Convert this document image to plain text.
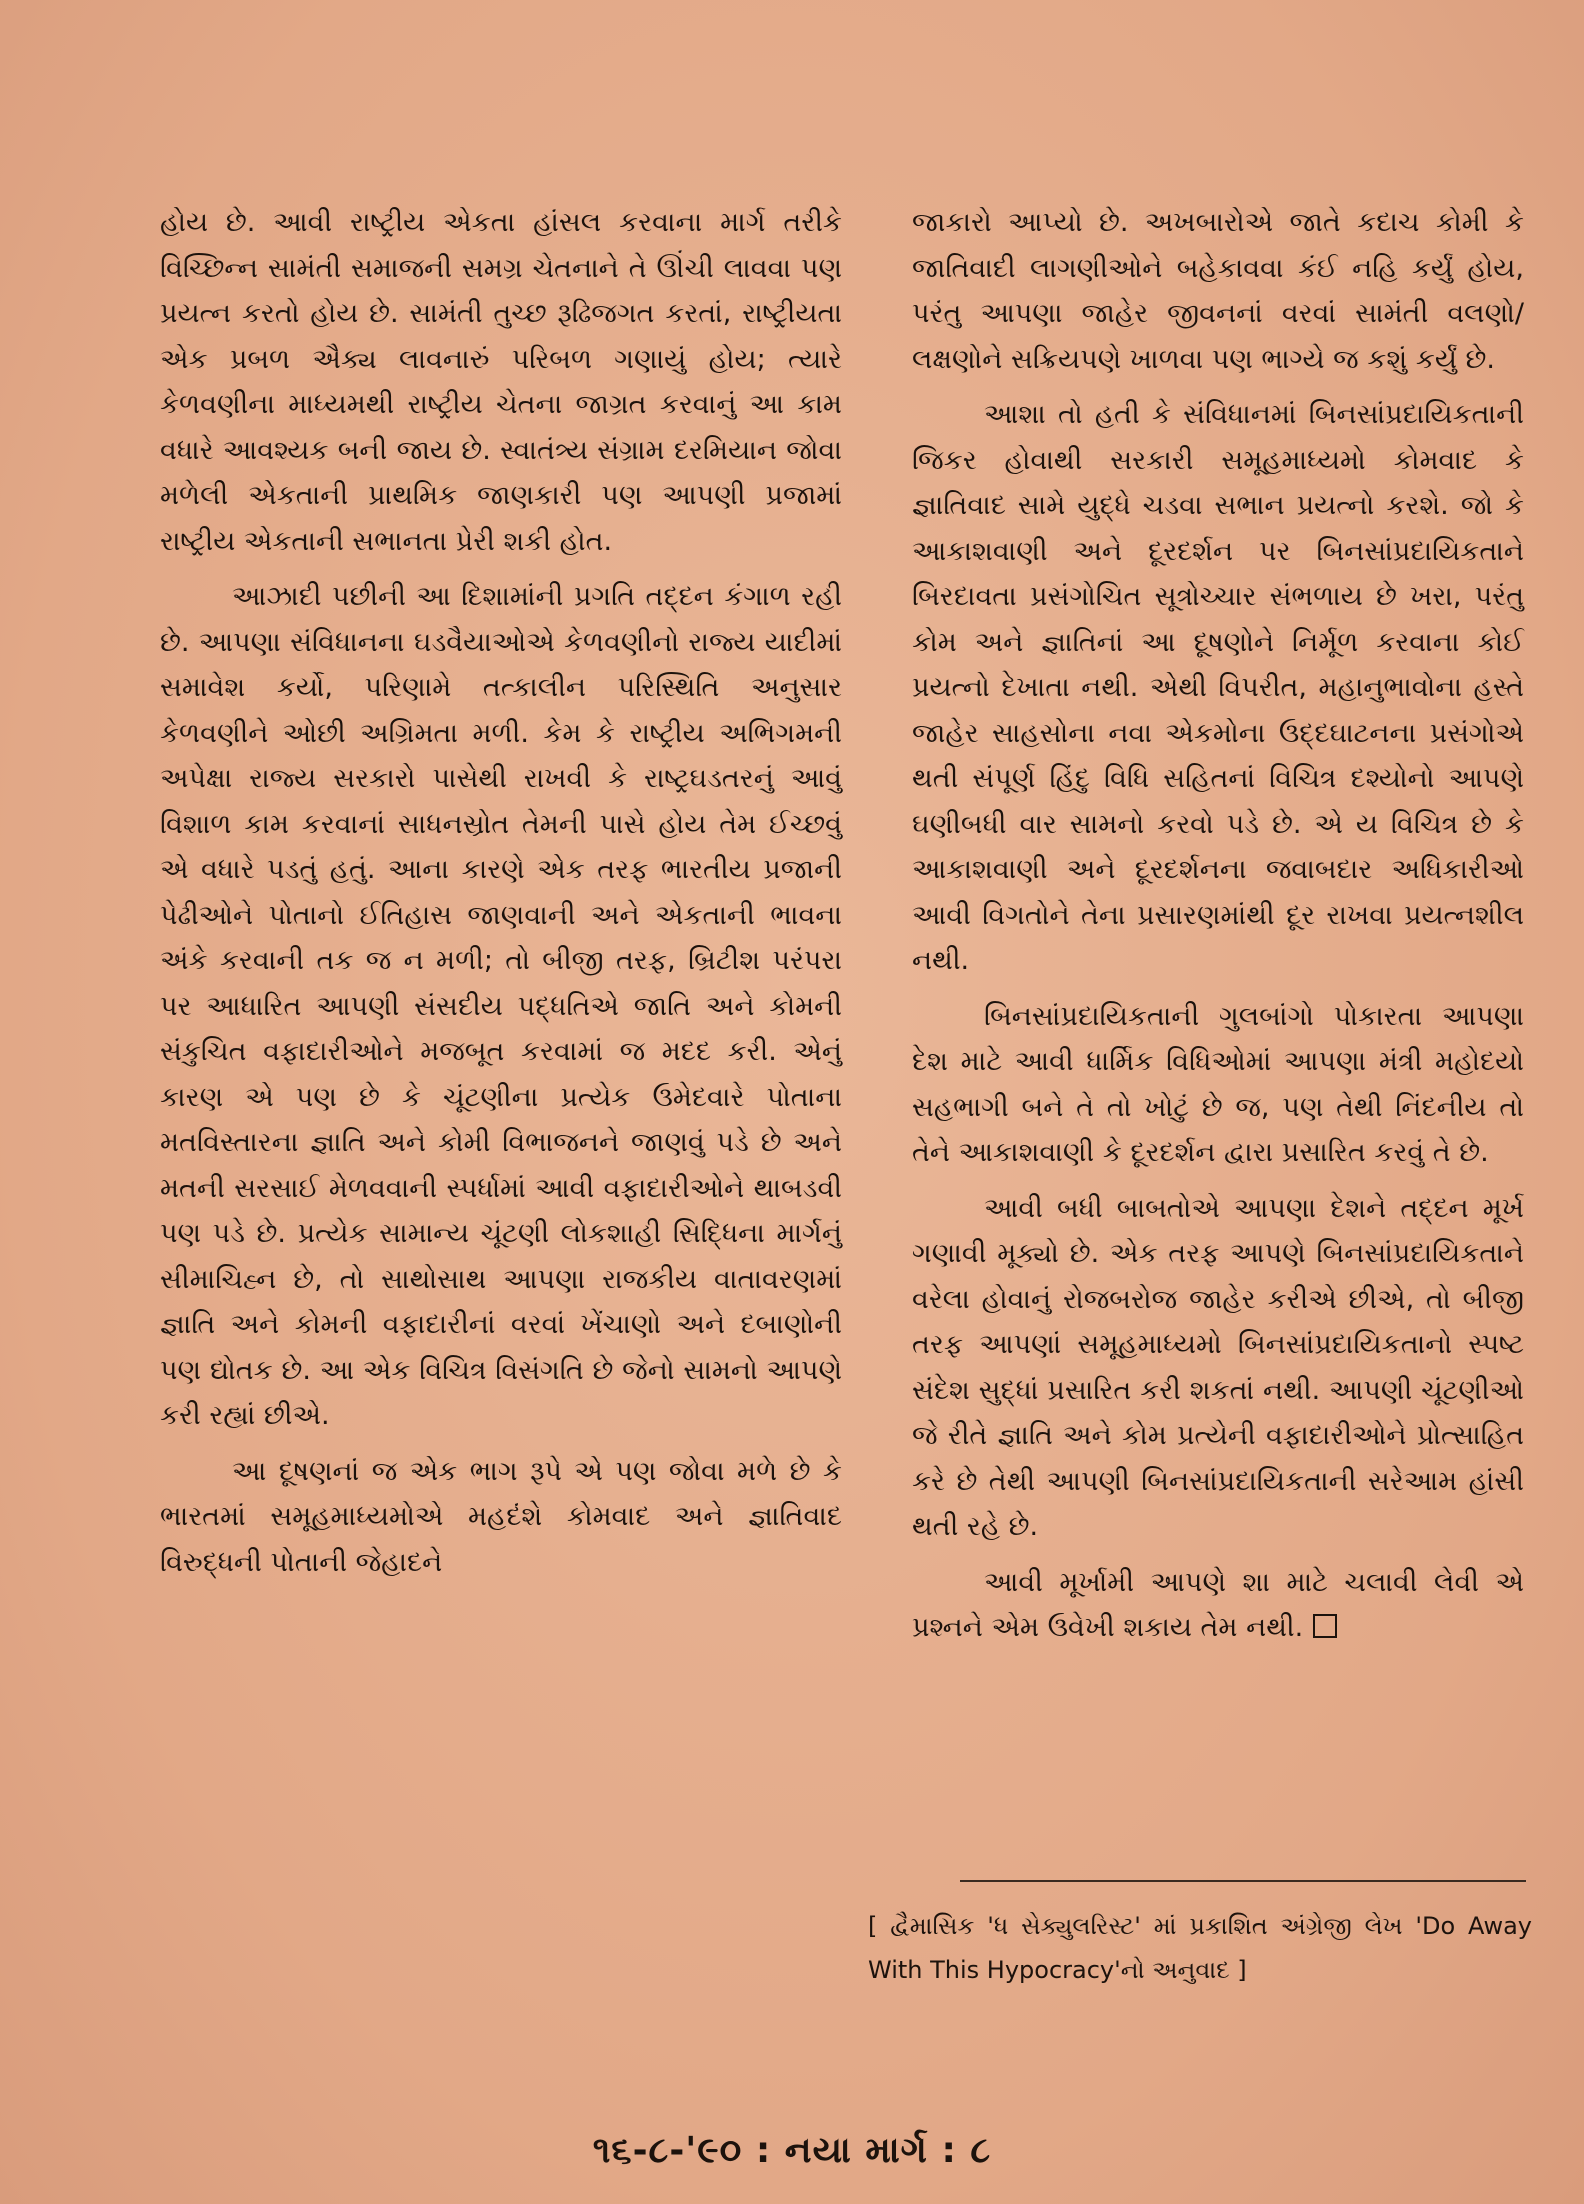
હોય છે. આવી રાષ્ટ્રીય એકતા હાંસલ કરવાના માર્ગ તરીકે વિચ્છિન્ન સામંતી સમાજની સમગ્ર ચેતનાને તે ઊંચી લાવવા પણ પ્રયત્ન કરતો હોય છે. સામંતી તુચ્છ રૂઢિજગત કરતાં, રાષ્ટ્રીયતા એક પ્રબળ ઐક્ય લાવનારું પરિબળ ગણાયું હોય; ત્યારે કેળવણીના માધ્યમથી રાષ્ટ્રીય ચેતના જાગ્રત કરવાનું આ કામ વધારે આવશ્યક બની જાય છે. સ્વાતંત્ર્ય સંગ્રામ દરમિયાન જોવા મળેલી એકતાની પ્રાથમિક જાણકારી પણ આપણી પ્રજામાં રાષ્ટ્રીય એકતાની સભાનતા પ્રેરી શકી હોત.

આઝાદી પછીની આ દિશામાંની પ્રગતિ તદ્દન કંગાળ રહી છે. આપણા સંવિધાનના ઘડવૈયાઓએ કેળવણીનો રાજ્ય યાદીમાં સમાવેશ કર્યો, પરિણામે તત્કાલીન પરિસ્થિતિ અનુસાર કેળવણીને ઓછી અગ્રિમતા મળી. કેમ કે રાષ્ટ્રીય અભિગમની અપેક્ષા રાજ્ય સરકારો પાસેથી રાખવી કે રાષ્ટ્રઘડતરનું આવું વિશાળ કામ કરવાનાં સાધનસ્રોત તેમની પાસે હોય તેમ ઈચ્છવું એ વધારે પડતું હતું. આના કારણે એક તરફ ભારતીય પ્રજાની પેઢીઓને પોતાનો ઈતિહાસ જાણવાની અને એકતાની ભાવના અંકે કરવાની તક જ ન મળી; તો બીજી તરફ, બ્રિટીશ પરંપરા પર આધારિત આપણી સંસદીય પદ્ધતિએ જાતિ અને કોમની સંકુચિત વફાદારીઓને મજબૂત કરવામાં જ મદદ કરી. એનું કારણ એ પણ છે કે ચૂંટણીના પ્રત્યેક ઉમેદવારે પોતાના મતવિસ્તારના જ્ઞાતિ અને કોમી વિભાજનને જાણવું પડે છે અને મતની સરસાઈ મેળવવાની સ્પર્ધામાં આવી વફાદારીઓને થાબડવી પણ પડે છે. પ્રત્યેક સામાન્ય ચૂંટણી લોકશાહી સિદ્ધિના માર્ગનું સીમાચિહ્ન છે, તો સાથોસાથ આપણા રાજકીય વાતાવરણમાં જ્ઞાતિ અને કોમની વફાદારીનાં વરવાં ખેંચાણો અને દબાણોની પણ દ્યોતક છે. આ એક વિચિત્ર વિસંગતિ છે જેનો સામનો આપણે કરી રહ્યાં છીએ.

આ દૂષણનાં જ એક ભાગ રૂપે એ પણ જોવા મળે છે કે ભારતમાં સમૂહમાધ્યમોએ મહદંશે કોમવાદ અને જ્ઞાતિવાદ વિરુદ્ધની પોતાની જેહાદને

જાકારો આપ્યો છે. અખબારોએ જાતે કદાચ કોમી કે જાતિવાદી લાગણીઓને બહેકાવવા કંઈ નહિ કર્યું હોય, પરંતુ આપણા જાહેર જીવનનાં વરવાં સામંતી વલણો/લક્ષણોને સક્રિયપણે ખાળવા પણ ભાગ્યે જ કશું કર્યું છે.

આશા તો હતી કે સંવિધાનમાં બિનસાંપ્રદાયિકતાની જિકર હોવાથી સરકારી સમૂહમાધ્યમો કોમવાદ કે જ્ઞાતિવાદ સામે યુદ્ધે ચડવા સભાન પ્રયત્નો કરશે. જો કે આકાશવાણી અને દૂરદર્શન પર બિનસાંપ્રદાયિકતાને બિરદાવતા પ્રસંગોચિત સૂત્રોચ્ચાર સંભળાય છે ખરા, પરંતુ કોમ અને જ્ઞાતિનાં આ દૂષણોને નિર્મૂળ કરવાના કોઈ પ્રયત્નો દેખાતા નથી. એથી વિપરીત, મહાનુભાવોના હસ્તે જાહેર સાહસોના નવા એકમોના ઉદ્દઘાટનના પ્રસંગોએ થતી સંપૂર્ણ હિંદુ વિધિ સહિતનાં વિચિત્ર દશ્યોનો આપણે ઘણીબધી વાર સામનો કરવો પડે છે. એ ય વિચિત્ર છે કે આકાશવાણી અને દૂરદર્શનના જવાબદાર અધિકારીઓ આવી વિગતોને તેના પ્રસારણમાંથી દૂર રાખવા પ્રયત્નશીલ નથી.

બિનસાંપ્રદાયિકતાની ગુલબાંગો પોકારતા આપણા દેશ માટે આવી ધાર્મિક વિધિઓમાં આપણા મંત્રી મહોદયો સહભાગી બને તે તો ખોટું છે જ, પણ તેથી નિંદનીય તો તેને આકાશવાણી કે દૂરદર્શન દ્વારા પ્રસારિત કરવું તે છે.

આવી બધી બાબતોએ આપણા દેશને તદ્દન મૂર્ખ ગણાવી મૂક્યો છે. એક તરફ આપણે બિનસાંપ્રદાયિકતાને વરેલા હોવાનું રોજબરોજ જાહેર કરીએ છીએ, તો બીજી તરફ આપણાં સમૂહમાધ્યમો બિનસાંપ્રદાયિકતાનો સ્પષ્ટ સંદેશ સુદ્ધાં પ્રસારિત કરી શકતાં નથી. આપણી ચૂંટણીઓ જે રીતે જ્ઞાતિ અને કોમ પ્રત્યેની વફાદારીઓને પ્રોત્સાહિત કરે છે તેથી આપણી બિનસાંપ્રદાયિકતાની સરેઆમ હાંસી થતી રહે છે.

આવી મૂર્ખામી આપણે શા માટે ચલાવી લેવી એ પ્રશ્નને એમ ઉવેખી શકાય તેમ નથી.

[ દ્વૈમાસિક 'ધ સેક્યુલરિસ્ટ' માં પ્રકાશિત અંગ્રેજી લેખ 'Do Away With This Hypocracy'નો અનુવાદ ]
૧૬-૮-'૯૦ : નયા માર્ગ : ૮
